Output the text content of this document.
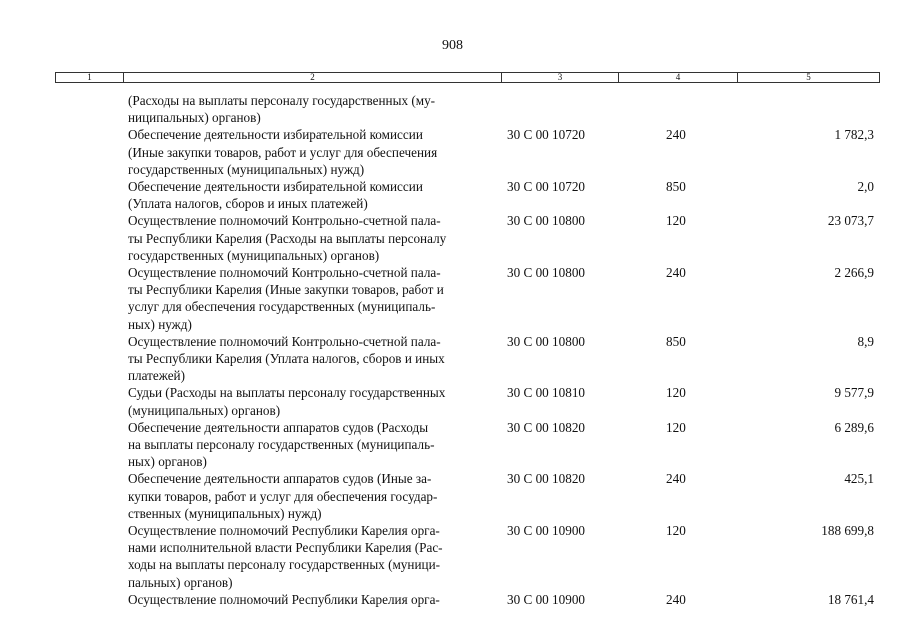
908
1	2	3	4	5
(Расходы на выплаты персоналу государственных (му-
ниципальных) органов)
Обеспечение деятельности избирательной комиссии
(Иные закупки товаров, работ и услуг для обеспечения
государственных (муниципальных) нужд)
30 С 00 10720	240	1 782,3
Обеспечение деятельности избирательной комиссии
(Уплата налогов, сборов и иных платежей)
30 С 00 10720	850	2,0
Осуществление полномочий Контрольно-счетной пала-
ты Республики Карелия (Расходы на выплаты персоналу
государственных (муниципальных) органов)
30 С 00 10800	120	23 073,7
Осуществление полномочий Контрольно-счетной пала-
ты Республики Карелия (Иные закупки товаров, работ и
услуг для обеспечения государственных (муниципаль-
ных) нужд)
30 С 00 10800	240	2 266,9
Осуществление полномочий Контрольно-счетной пала-
ты Республики Карелия (Уплата налогов, сборов и иных
платежей)
30 С 00 10800	850	8,9
Судьи (Расходы на выплаты персоналу государственных
(муниципальных) органов)
30 С 00 10810	120	9 577,9
Обеспечение деятельности аппаратов судов (Расходы
на выплаты персоналу государственных (муниципаль-
ных) органов)
30 С 00 10820	120	6 289,6
Обеспечение деятельности аппаратов судов (Иные за-
купки товаров, работ и услуг для обеспечения государ-
ственных (муниципальных) нужд)
30 С 00 10820	240	425,1
Осуществление полномочий Республики Карелия орга-
нами исполнительной власти Республики Карелия (Рас-
ходы на выплаты персоналу государственных (муници-
пальных) органов)
30 С 00 10900	120	188 699,8
Осуществление полномочий Республики Карелия орга-	30 С 00 10900	240	18 761,4
